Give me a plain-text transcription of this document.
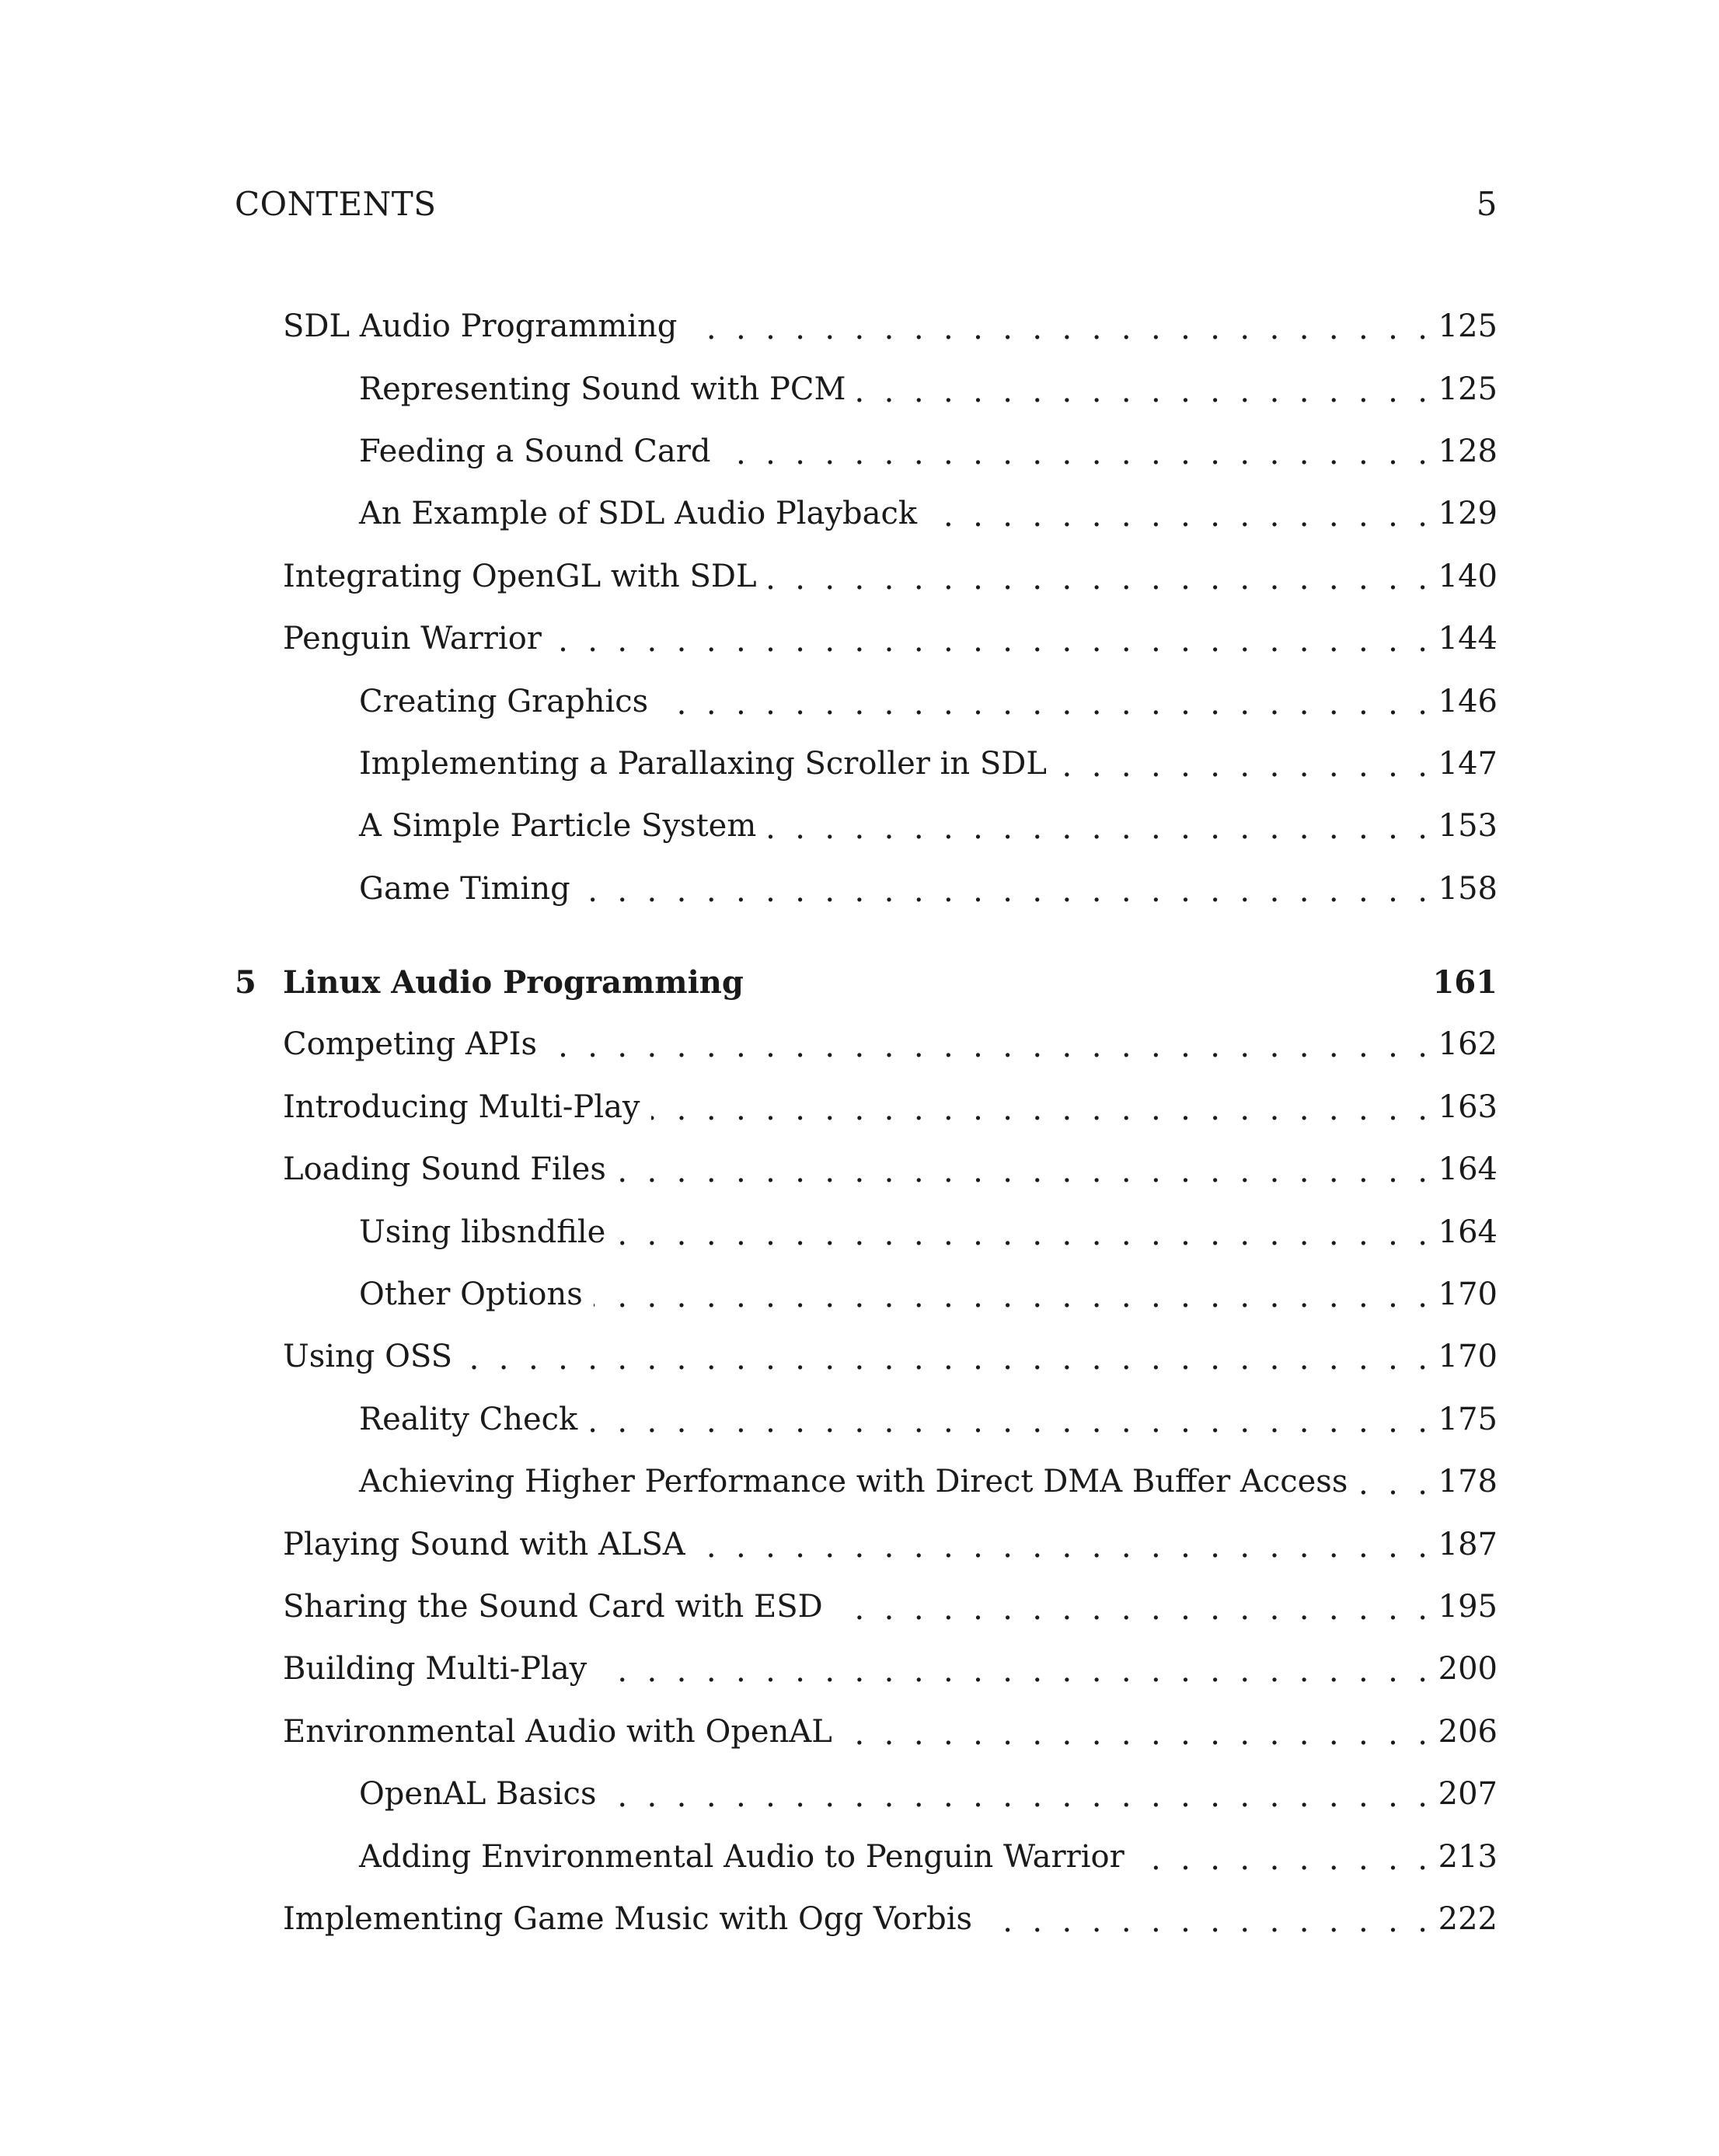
CONTENTS	5
SDL Audio Programming . .	125
Representing Sound with PCM . .	125
Feeding a Sound Card . .	128
An Example of SDL Audio Playback . .	129
Integrating OpenGL with SDL . .	140
Penguin Warrior . .	144
Creating Graphics . .	146
Implementing a Parallaxing Scroller in SDL . .	147
A Simple Particle System . .	153
Game Timing . .	158
5 Linux Audio Programming	161
Competing APIs . .	162
Introducing Multi-Play . .	163
Loading Sound Files . .	164
Using libsndfile . .	164
Other Options . .	170
Using OSS . .	170
Reality Check . .	175
Achieving Higher Performance with Direct DMA Buffer Access . .	178
Playing Sound with ALSA . .	187
Sharing the Sound Card with ESD . .	195
Building Multi-Play . .	200
Environmental Audio with OpenAL . .	206
OpenAL Basics . .	207
Adding Environmental Audio to Penguin Warrior . .	213
Implementing Game Music with Ogg Vorbis . .	222
